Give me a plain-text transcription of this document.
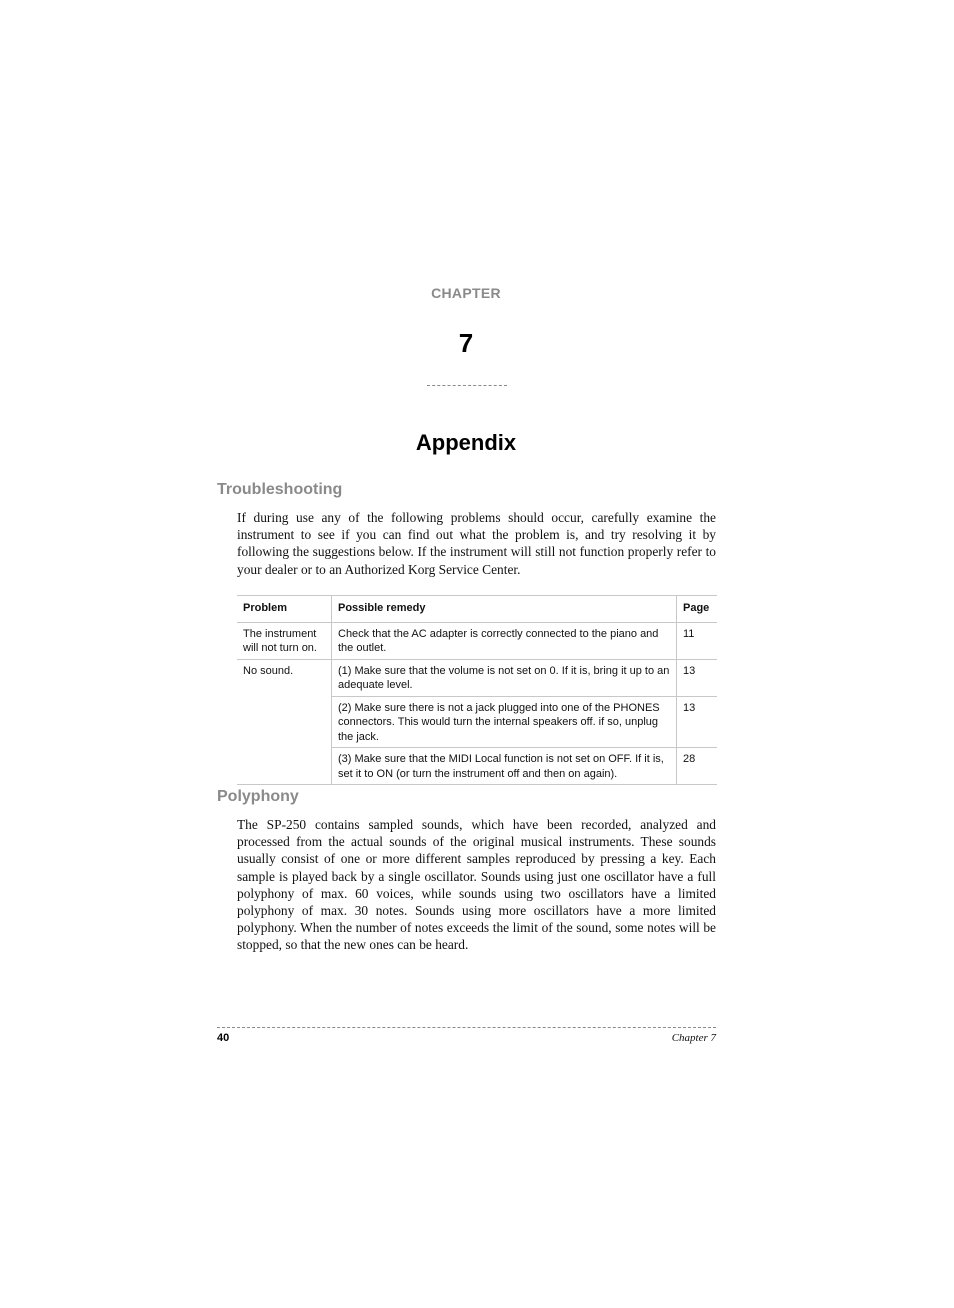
CHAPTER
7
Appendix
Troubleshooting

If during use any of the following problems should occur, carefully examine the instrument to see if you can find out what the problem is, and try resolving it by following the suggestions below. If the instrument will still not function properly refer to your dealer or to an Authorized Korg Service Center.

Problem	Possible remedy	Page
The instrument will not turn on.	Check that the AC adapter is correctly connected to the piano and the outlet.	11
No sound.	(1) Make sure that the volume is not set on 0. If it is, bring it up to an adequate level.	13
	(2) Make sure there is not a jack plugged into one of the PHONES connectors. This would turn the internal speakers off. if so, unplug the jack.	13
	(3) Make sure that the MIDI Local function is not set on OFF. If it is, set it to ON (or turn the instrument off and then on again).	28
Polyphony

The SP-250 contains sampled sounds, which have been recorded, analyzed and processed from the actual sounds of the original musical instruments. These sounds usually consist of one or more different samples reproduced by pressing a key. Each sample is played back by a single oscillator. Sounds using just one oscillator have a full polyphony of max. 60 voices, while sounds using two oscillators have a limited polyphony of max. 30 notes. Sounds using more oscillators have a more limited polyphony. When the number of notes exceeds the limit of the sound, some notes will be stopped, so that the new ones can be heard.

40	Chapter 7
